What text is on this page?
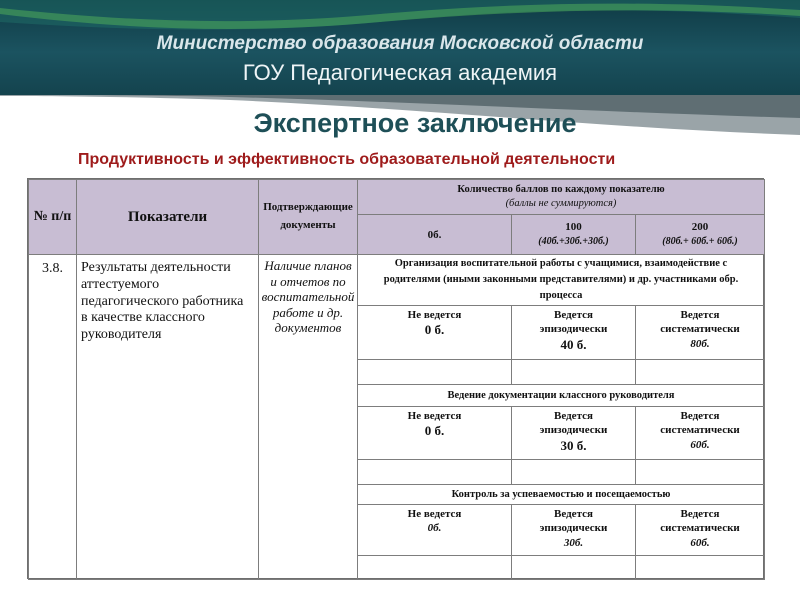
Министерство образования Московской области
ГОУ Педагогическая академия
Экспертное заключение
Продуктивность и эффективность образовательной деятельности
№ п/п	Показатели
Подтверждающие документы
Количество баллов по каждому показателю
(баллы не суммируются)
0б.
100
(40б.+30б.+30б.)
200
(80б.+ 60б.+ 60б.)
3.8.	Результаты деятельности аттестуемого педагогического работника в качестве классного руководителя
Наличие планов и отчетов по воспитательной работе и др. документов
Организация воспитательной работы с учащимися, взаимодействие с родителями (иными законными представителями) и др. участниками обр. процесса
Не ведется
0 б.
Ведется эпизодически
40 б.
Ведется систематически
80б.
Ведение документации классного руководителя
Не ведется
0 б.
Ведется эпизодически
30 б.
Ведется систематически
60б.
Контроль за успеваемостью и посещаемостью
Не ведется
0б.
Ведется эпизодически
30б.
Ведется систематически
60б.
